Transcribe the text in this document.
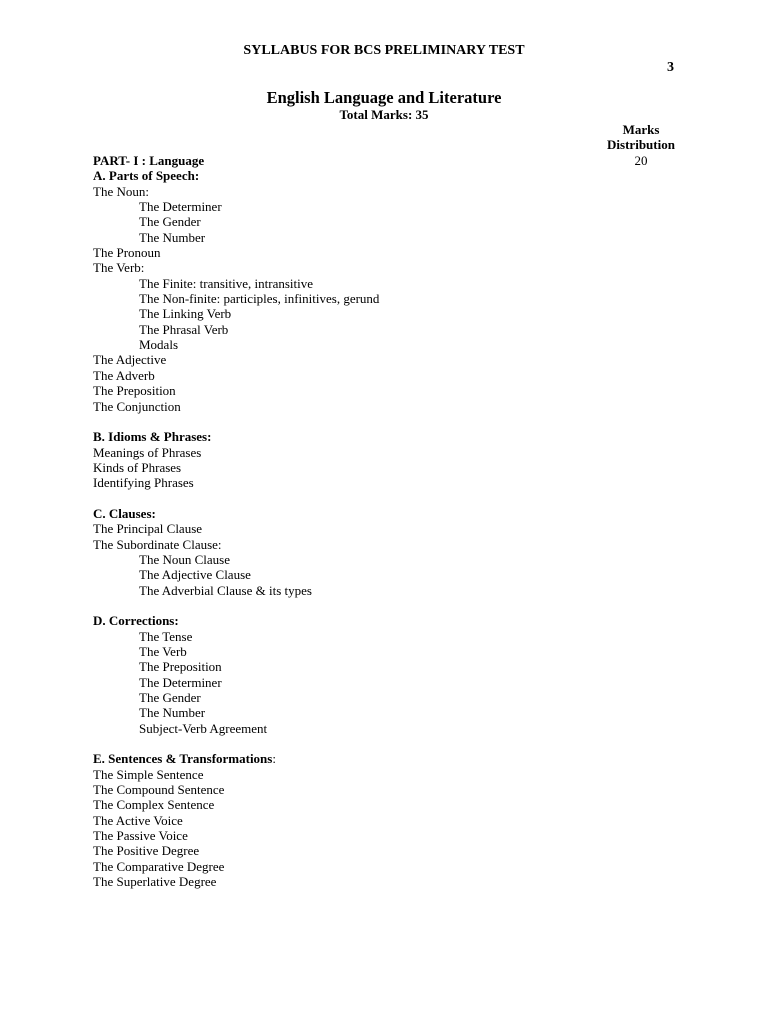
SYLLABUS FOR BCS PRELIMINARY TEST
3
English Language and Literature
Total Marks: 35
Marks
Distribution
20
PART- I : Language
A. Parts of Speech:
The Noun:
The Determiner
The Gender
The Number
The Pronoun
The Verb:
The Finite: transitive, intransitive
The Non-finite: participles, infinitives, gerund
The Linking Verb
The Phrasal Verb
Modals
The Adjective
The Adverb
The Preposition
The Conjunction
B. Idioms & Phrases:
Meanings of Phrases
Kinds of Phrases
Identifying Phrases
C. Clauses:
The Principal Clause
The Subordinate Clause:
The Noun Clause
The Adjective Clause
The Adverbial Clause & its types
D. Corrections:
The Tense
The Verb
The Preposition
The Determiner
The Gender
The Number
Subject-Verb Agreement
E. Sentences & Transformations:
The Simple Sentence
The Compound Sentence
The Complex Sentence
The Active Voice
The Passive Voice
The Positive Degree
The Comparative Degree
The Superlative Degree
